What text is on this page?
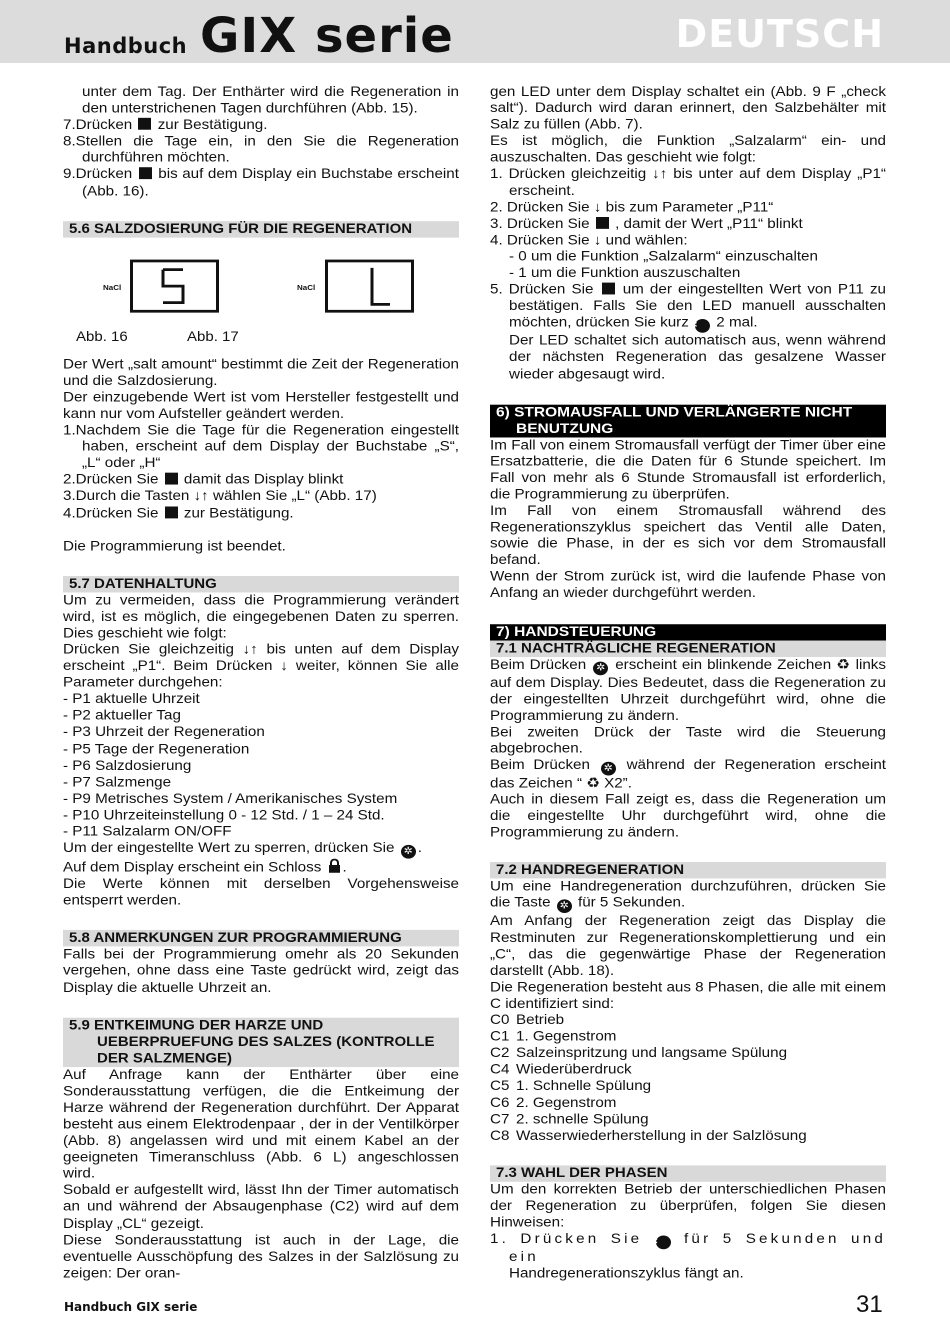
Handbuch GIX serie	DEUTSCH

unter dem Tag. Der Enthärter wird die Regeneration in den unterstrichenen Tagen durchführen (Abb. 15).

7.Drücken zur Bestätigung.

8.Stellen die Tage ein, in den Sie die Regeneration durchführen möchten.

9.Drücken bis auf dem Display ein Buchstabe erscheint (Abb. 16).

5.6 SALZDOSIERUNG FÜR DIE REGENERATION
NaCl	NaCl
Abb. 16	Abb. 17

Der Wert „salt amount“ bestimmt die Zeit der Regeneration und die Salzdosierung.

Der einzugebende Wert ist vom Hersteller festgestellt und kann nur vom Aufsteller geändert werden.

1.Nachdem Sie die Tage für die Regeneration eingestellt haben, erscheint auf dem Display der Buchstabe „S“, „L“ oder „H“

2.Drücken Sie damit das Display blinkt

3.Durch die Tasten ↓↑ wählen Sie „L“ (Abb. 17)

4.Drücken Sie zur Bestätigung.

Die Programmierung ist beendet.

5.7 DATENHALTUNG

Um zu vermeiden, dass die Programmierung verändert wird, ist es möglich, die eingegebenen Daten zu sperren. Dies geschieht wie folgt:

Drücken Sie gleichzeitig ↓↑ bis unten auf dem Display erscheint „P1“. Beim Drücken ↓ weiter, können Sie alle Parameter durchgehen:

- P1 aktuelle Uhrzeit

- P2 aktueller Tag

- P3 Uhrzeit der Regeneration

- P5 Tage der Regeneration

- P6 Salzdosierung

- P7 Salzmenge

- P9 Metrisches System / Amerikanisches System

- P10 Uhrzeiteinstellung 0 - 12 Std. / 1 – 24 Std.

- P11 Salzalarm ON/OFF

Um der eingestellte Wert zu sperren, drücken Sie ✲ .

Auf dem Display erscheint ein Schloss .

Die Werte können mit derselben Vorgehensweise entsperrt werden.

5.8 ANMERKUNGEN ZUR PROGRAMMIERUNG

Falls bei der Programmierung omehr als 20 Sekunden vergehen, ohne dass eine Taste gedrückt wird, zeigt das Display die aktuelle Uhrzeit an.

5.9 ENTKEIMUNG DER HARZE UND UEBERPRUEFUNG DES SALZES (KONTROLLE DER SALZMENGE)

Auf Anfrage kann der Enthärter über eine Sonderausstattung verfügen, die die Entkeimung der Harze während der Regeneration durchführt. Der Apparat besteht aus einem Elektrodenpaar , der in der Ventilkörper (Abb. 8) angelassen wird und mit einem Kabel an der geeigneten Timeranschluss (Abb. 6 L) angeschlossen wird.

Sobald er aufgestellt wird, lässt Ihn der Timer automatisch an und während der Absaugenphase (C2) wird auf dem Display „CL“ gezeigt.

Diese Sonderausstattung ist auch in der Lage, die eventuelle Ausschöpfung des Salzes in der Salzlösung zu zeigen: Der oran-

gen LED unter dem Display schaltet ein (Abb. 9 F „check salt“). Dadurch wird daran erinnert, den Salzbehälter mit Salz zu füllen (Abb. 7).

Es ist möglich, die Funktion „Salzalarm“ ein- und auszuschalten. Das geschieht wie folgt:

1. Drücken gleichzeitig ↓↑ bis unter auf dem Display „P1“ erscheint.

2. Drücken Sie ↓ bis zum Parameter „P11“

3. Drücken Sie , damit der Wert „P11“ blinkt

4. Drücken Sie ↓ und wählen:

- 0 um die Funktion „Salzalarm“ einzuschalten

- 1 um die Funktion auszuschalten

5. Drücken Sie um der eingestellten Wert von P11 zu bestätigen. Falls Sie den LED manuell ausschalten möchten, drücken Sie kurz ✲ 2 mal.

Der LED schaltet sich automatisch aus, wenn während der nächsten Regeneration das gesalzene Wasser wieder abgesaugt wird.

6) STROMAUSFALL UND VERLÄNGERTE NICHT BENUTZUNG

Im Fall von einem Stromausfall verfügt der Timer über eine Ersatzbatterie, die die Daten für 6 Stunde speichert. Im Fall von mehr als 6 Stunde Stromausfall ist erforderlich, die Programmierung zu überprüfen.

Im Fall von einem Stromausfall während des Regenerationszyklus speichert das Ventil alle Daten, sowie die Phase, in der es sich vor dem Stromausfall befand.

Wenn der Strom zurück ist, wird die laufende Phase von Anfang an wieder durchgeführt werden.

7) HANDSTEUERUNG
7.1 NACHTRÄGLICHE REGENERATION

Beim Drücken ✲ erscheint ein blinkende Zeichen ♻ links auf dem Display. Dies Bedeutet, dass die Regeneration zu der eingestellten Uhrzeit durchgeführt wird, ohne die Programmierung zu ändern.

Bei zweiten Drück der Taste wird die Steuerung abgebrochen.

Beim Drücken ✲ während der Regeneration erscheint das Zeichen “ ♻ X2”.

Auch in diesem Fall zeigt es, dass die Regeneration um die eingestellte Uhr durchgeführt wird, ohne die Programmierung zu ändern.

7.2 HANDREGENERATION

Um eine Handregeneration durchzuführen, drücken Sie die Taste ✲ für 5 Sekunden.

Am Anfang der Regeneration zeigt das Display die Restminuten zur Regenerationskomplettierung und ein „C“, das die gegenwärtige Phase der Regeneration darstellt (Abb. 18).

Die Regeneration besteht aus 8 Phasen, die alle mit einem C identifiziert sind:

C0 Betrieb
C1 1. Gegenstrom
C2 Salzeinspritzung und langsame Spülung
C4 Wiederüberdruck
C5 1. Schnelle Spülung
C6 2. Gegenstrom
C7 2. schnelle Spülung
C8 Wasserwiederherstellung in der Salzlösung
7.3 WAHL DER PHASEN

Um den korrekten Betrieb der unterschiedlichen Phasen der Regeneration zu überprüfen, folgen Sie diesen Hinweisen:

1. Drücken Sie ✲ für 5 Sekunden und ein

Handregenerationszyklus fängt an.

Handbuch GIX serie	31
